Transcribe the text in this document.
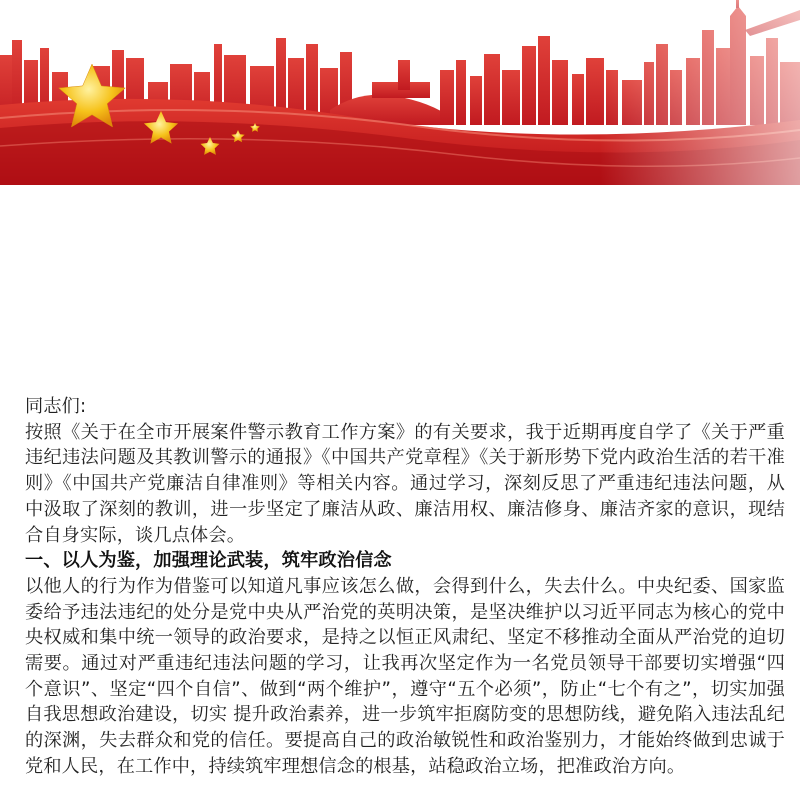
同志们:

按照《关于在全市开展案件警示教育工作方案》的有关要求，我于近期再度自学了《关于严重违纪违法问题及其教训警示的通报》《中国共产党章程》《关于新形势下党内政治生活的若干准则》《中国共产党廉洁自律准则》等相关内容。通过学习，深刻反思了严重违纪违法问题，从中汲取了深刻的教训，进一步坚定了廉洁从政、廉洁用权、廉洁修身、廉洁齐家的意识，现结合自身实际，谈几点体会。

一、以人为鉴，加强理论武装，筑牢政治信念

以他人的行为作为借鉴可以知道凡事应该怎么做，会得到什么，失去什么。中央纪委、国家监委给予违法违纪的处分是党中央从严治党的英明决策，是坚决维护以习近平同志为核心的党中央权威和集中统一领导的政治要求，是持之以恒正风肃纪、坚定不移推动全面从严治党的迫切需要。通过对严重违纪违法问题的学习，让我再次坚定作为一名党员领导干部要切实增强“四个意识”、坚定“四个自信”、做到“两个维护”，遵守“五个必须”，防止“七个有之”，切实加强自我思想政治建设，切实 提升政治素养，进一步筑牢拒腐防变的思想防线，避免陷入违法乱纪的深渊，失去群众和党的信任。要提高自己的政治敏锐性和政治鉴别力，才能始终做到忠诚于党和人民，在工作中，持续筑牢理想信念的根基，站稳政治立场，把准政治方向。
